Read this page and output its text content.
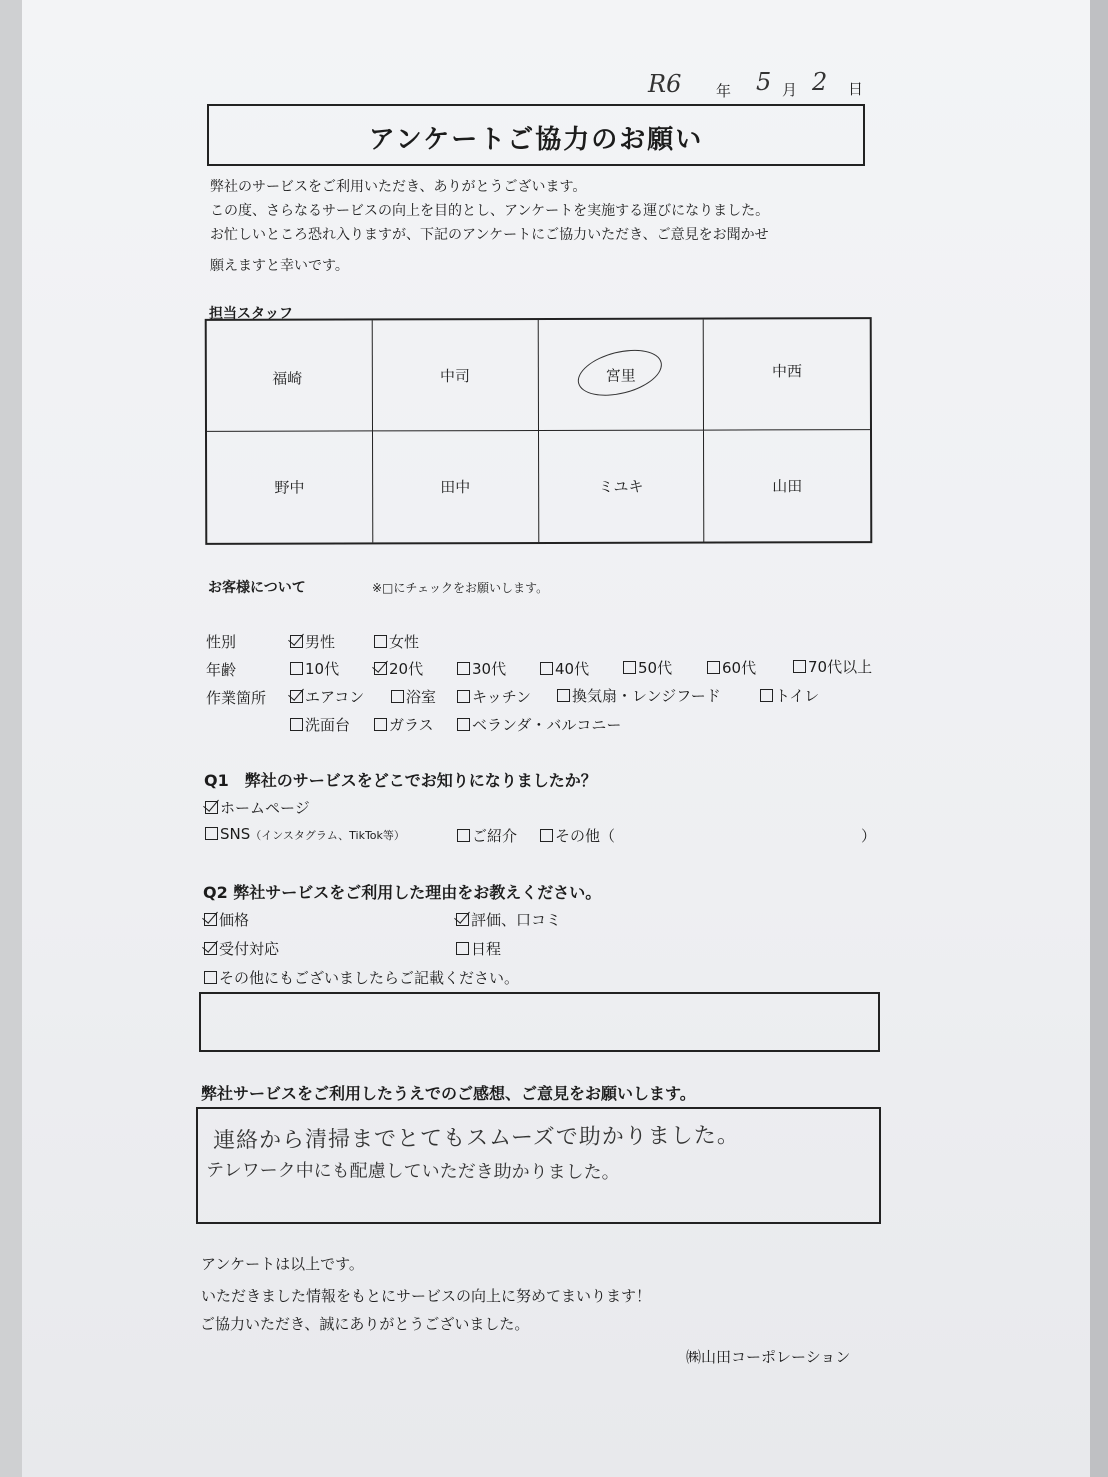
R6 年 5 月 2 日
アンケートご協力のお願い
弊社のサービスをご利用いただき、ありがとうございます。
この度、さらなるサービスの向上を目的とし、アンケートを実施する運びになりました。
お忙しいところ恐れ入りますが、下記のアンケートにご協力いただき、ご意見をお聞かせ
願えますと幸いです。
担当スタッフ
福崎	中司	宮里	中西
野中	田中	ミユキ	山田
お客様について	※□にチェックをお願いします。
性別	男性	女性
年齢	10代	20代	30代	40代	50代	60代	70代以上
作業箇所	エアコン	浴室	キッチン	換気扇・レンジフード	トイレ
洗面台	ガラス	ベランダ・バルコニー
Q1　弊社のサービスをどこでお知りになりましたか？
ホームページ
SNS（インスタグラム、TikTok等）	ご紹介	その他（	）
Q2 弊社サービスをご利用した理由をお教えください。
価格	評価、口コミ
受付対応	日程
その他にもございましたらご記載ください。
弊社サービスをご利用したうえでのご感想、ご意見をお願いします。
連絡から清掃までとてもスムーズで助かりました。
テレワーク中にも配慮していただき助かりました。
アンケートは以上です。
いただきました情報をもとにサービスの向上に努めてまいります！
ご協力いただき、誠にありがとうございました。
㈱山田コーポレーション
